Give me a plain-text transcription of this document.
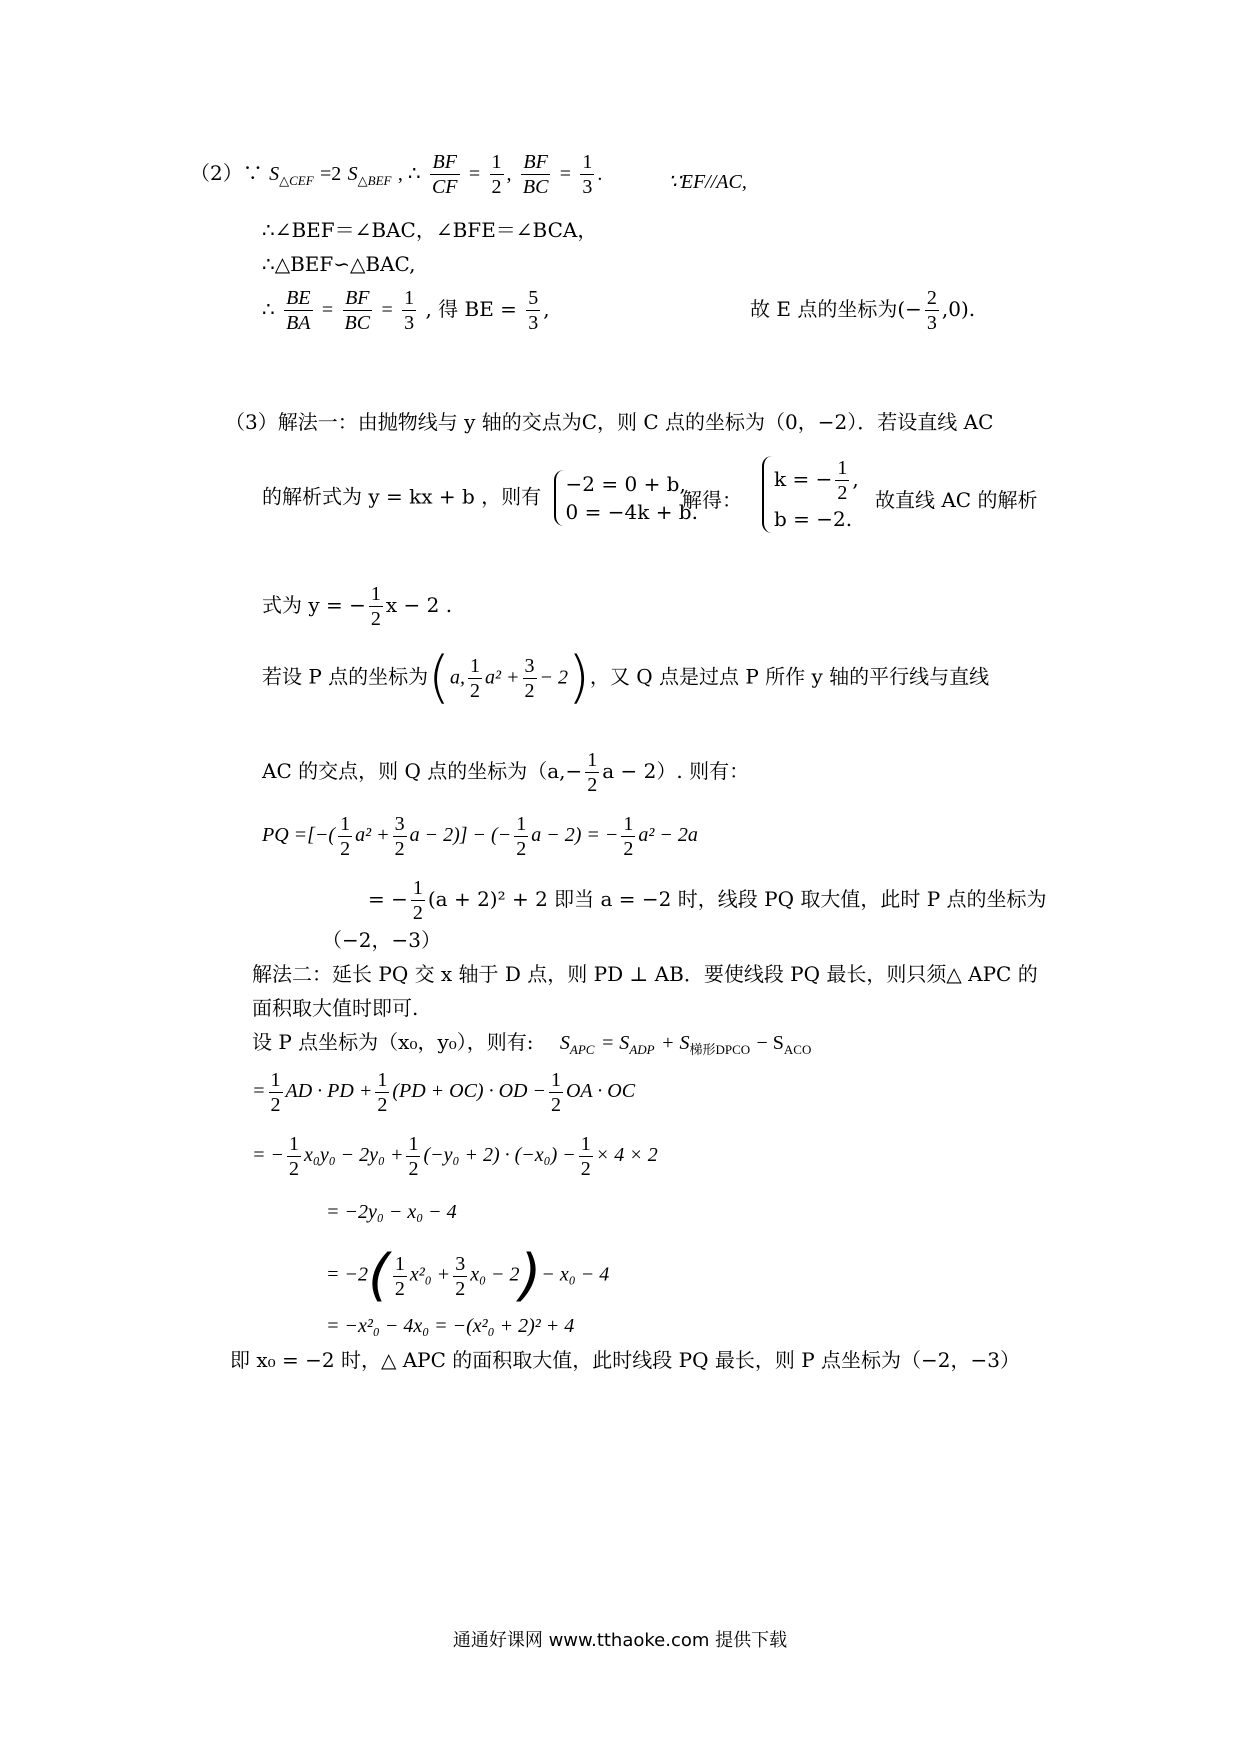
（2）∵ $S_{\triangle CEF} =2$ $S_{\triangle BEF}$ , ∴ $\frac{BF}{CF} = \frac{1}{2}$ , $\frac{BF}{BC} = \frac{1}{3}$ .	∵EF//AC,
∴∠BEF＝∠BAC，∠BFE＝∠BCA，
∴△BEF∽△BAC,
∴ $\frac{BE}{BA} = \frac{BF}{BC} = \frac{1}{3}$ , 得 BE = $\frac{5}{3}$ ,	故 E 点的坐标为(− $\frac{2}{3} ,0$).
（3）解法一：由抛物线与 y 轴的交点为C，则 C 点的坐标为（0，−2）．若设直线 AC
的解析式为 y = kx + b ，则有
−2 = 0 + b,
0 = −4k + b.
解得：
k = − $\frac{1}{2}$ ,
b = −2.
故直线 AC 的解析
式为 y = − $\frac{1}{2}$ x − 2 .
若设 P 点的坐标为(a, $\frac{1}{2} a^2 + \frac{3}{2} - 2$)，又 Q 点是过点 P 所作 y 轴的平行线与直线
AC 的交点，则 Q 点的坐标为（$a,- \frac{1}{2}$ a − 2）. 则有：
PQ =[−( $\frac{1}{2} a^2 + \frac{3}{2}$ a − 2)] − (− $\frac{1}{2}$ a − 2) = − $\frac{1}{2} a^2 - 2a$
= − $\frac{1}{2} (a + 2)^2 + 2$ 即当 a = −2 时，线段 PQ 取大值，此时 P 点的坐标为
（−2，−3）
解法二：延长 PQ 交 x 轴于 D 点，则 PD ⊥ AB．要使线段 PQ 最长，则只须△ APC 的
面积取大值时即可.
设 P 点坐标为（x₀，y₀），则有: $S_{APC} = S_{ADP} + S_{梯形DPCO} - S_{ACO}$
= $\frac{1}{2}$ AD · PD + $\frac{1}{2} (PD + OC)$ · OD − $\frac{1}{2}$ OA · OC
= − $\frac{1}{2} x_0y_0 - 2y_0 + \frac{1}{2} (-y_0 + 2) \cdot (-x_0) - \frac{1}{2} \times 4 \times 2$
= −2y₀ − x₀ − 4
= $-2( \frac{1}{2} x^2_0 + \frac{3}{2} x_0 - 2)- x_0 - 4$
= −x²₀ − 4x₀ = −(x²₀ + 2)² + 4
即 x₀ = −2 时，△ APC 的面积取大值，此时线段 PQ 最长，则 P 点坐标为（−2，−3）
通通好课网 www.tthaoke.com 提供下载
